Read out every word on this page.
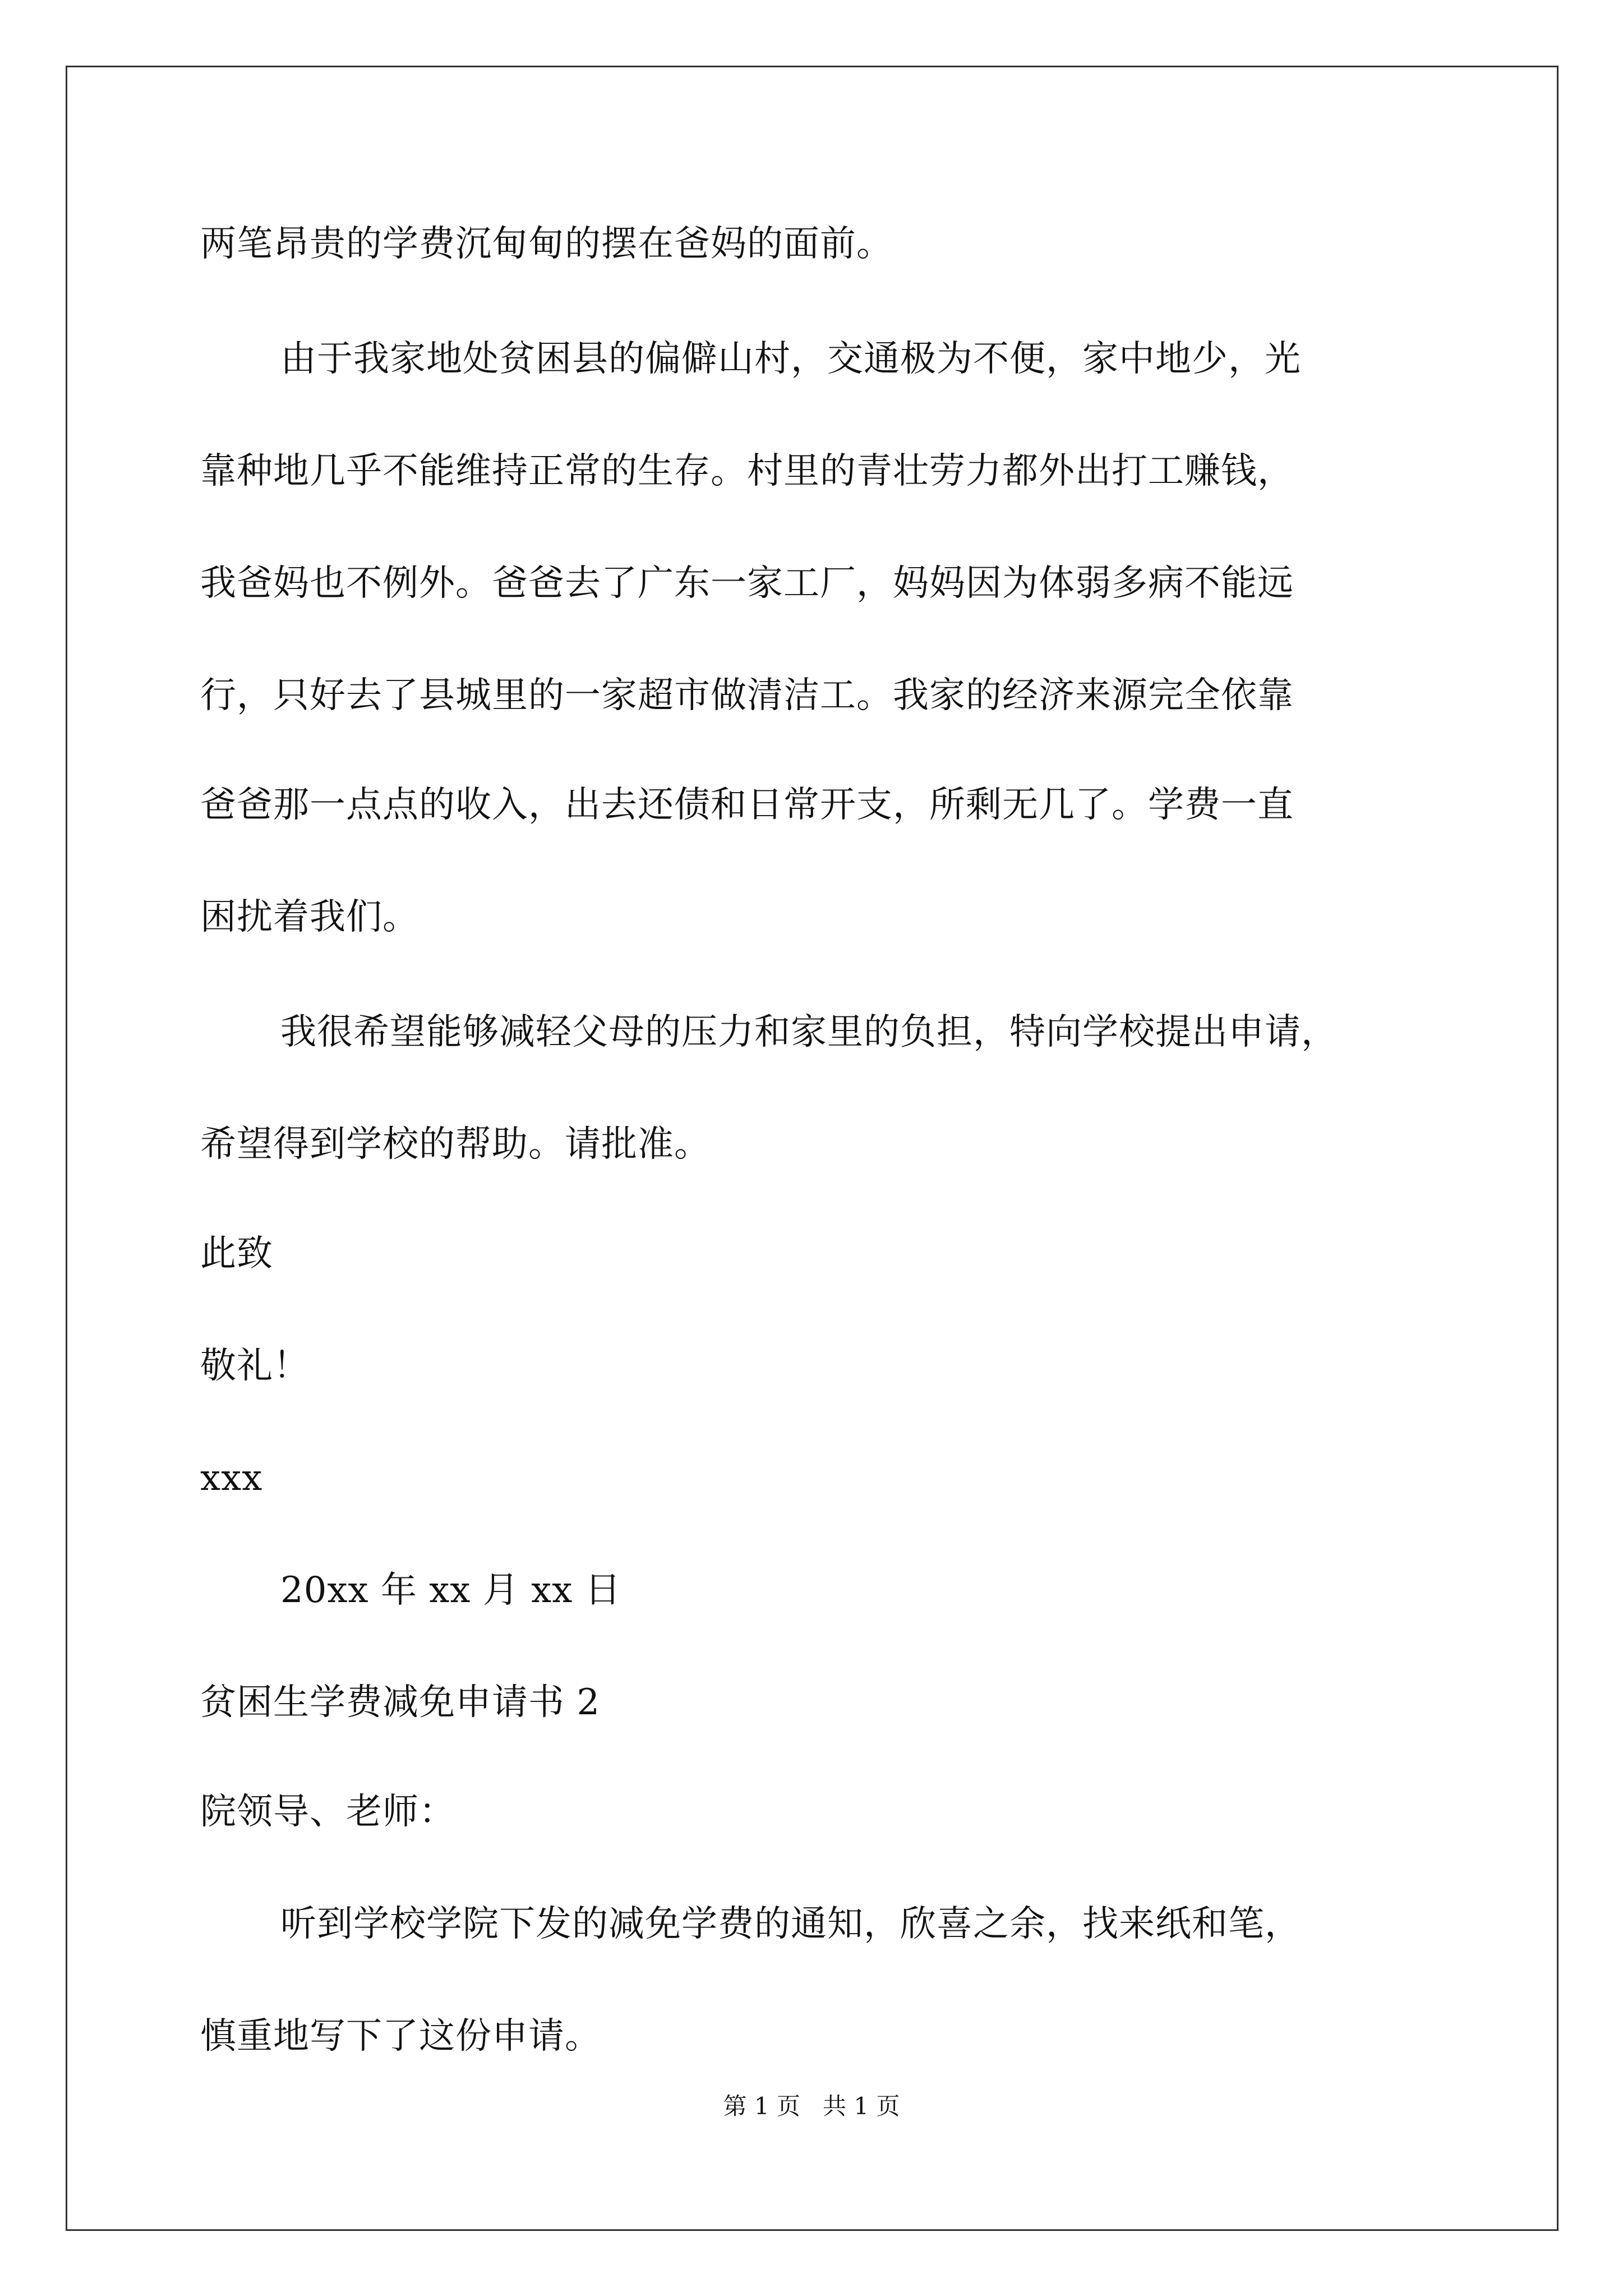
两笔昂贵的学费沉甸甸的摆在爸妈的面前。
由于我家地处贫困县的偏僻山村，交通极为不便，家中地少，光
靠种地几乎不能维持正常的生存。村里的青壮劳力都外出打工赚钱，
我爸妈也不例外。爸爸去了广东一家工厂，妈妈因为体弱多病不能远
行，只好去了县城里的一家超市做清洁工。我家的经济来源完全依靠
爸爸那一点点的收入，出去还债和日常开支，所剩无几了。学费一直
困扰着我们。
我很希望能够减轻父母的压力和家里的负担，特向学校提出申请，
希望得到学校的帮助。请批准。
此致
敬礼！
xxx
20xx 年 xx 月 xx 日
贫困生学费减免申请书 2
院领导、老师：
听到学校学院下发的减免学费的通知，欣喜之余，找来纸和笔，
慎重地写下了这份申请。
第 1 页   共 1 页
